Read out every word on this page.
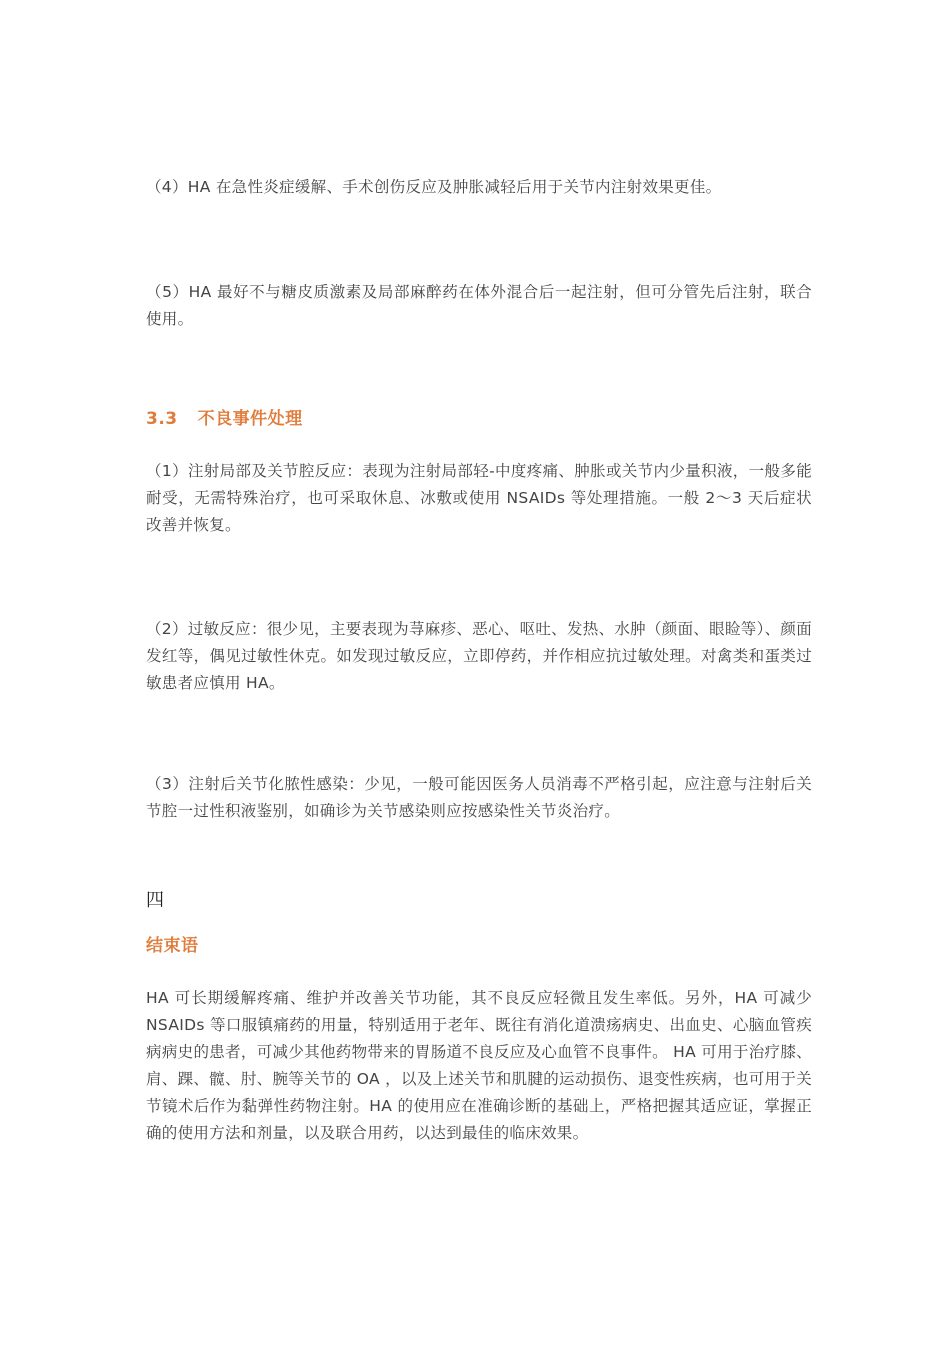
（4）HA 在急性炎症缓解、手术创伤反应及肿胀减轻后用于关节内注射效果更佳。

（5）HA 最好不与糖皮质激素及局部麻醉药在体外混合后一起注射，但可分管先后注射，联合使用。

3.3 不良事件处理

（1）注射局部及关节腔反应：表现为注射局部轻-中度疼痛、肿胀或关节内少量积液，一般多能耐受，无需特殊治疗，也可采取休息、冰敷或使用 NSAIDs 等处理措施。一般 2～3 天后症状改善并恢复。

（2）过敏反应：很少见，主要表现为荨麻疹、恶心、呕吐、发热、水肿（颜面、眼睑等）、颜面发红等，偶见过敏性休克。如发现过敏反应，立即停药，并作相应抗过敏处理。对禽类和蛋类过敏患者应慎用 HA。

（3）注射后关节化脓性感染：少见，一般可能因医务人员消毒不严格引起，应注意与注射后关节腔一过性积液鉴别，如确诊为关节感染则应按感染性关节炎治疗。

四

结束语

HA 可长期缓解疼痛、维护并改善关节功能，其不良反应轻微且发生率低。另外，HA 可减少 NSAIDs 等口服镇痛药的用量，特别适用于老年、既往有消化道溃疡病史、出血史、心脑血管疾病病史的患者，可减少其他药物带来的胃肠道不良反应及心血管不良事件。 HA 可用于治疗膝、肩、踝、髋、肘、腕等关节的 OA ，以及上述关节和肌腱的运动损伤、退变性疾病，也可用于关节镜术后作为黏弹性药物注射。HA 的使用应在准确诊断的基础上，严格把握其适应证，掌握正确的使用方法和剂量，以及联合用药，以达到最佳的临床效果。
